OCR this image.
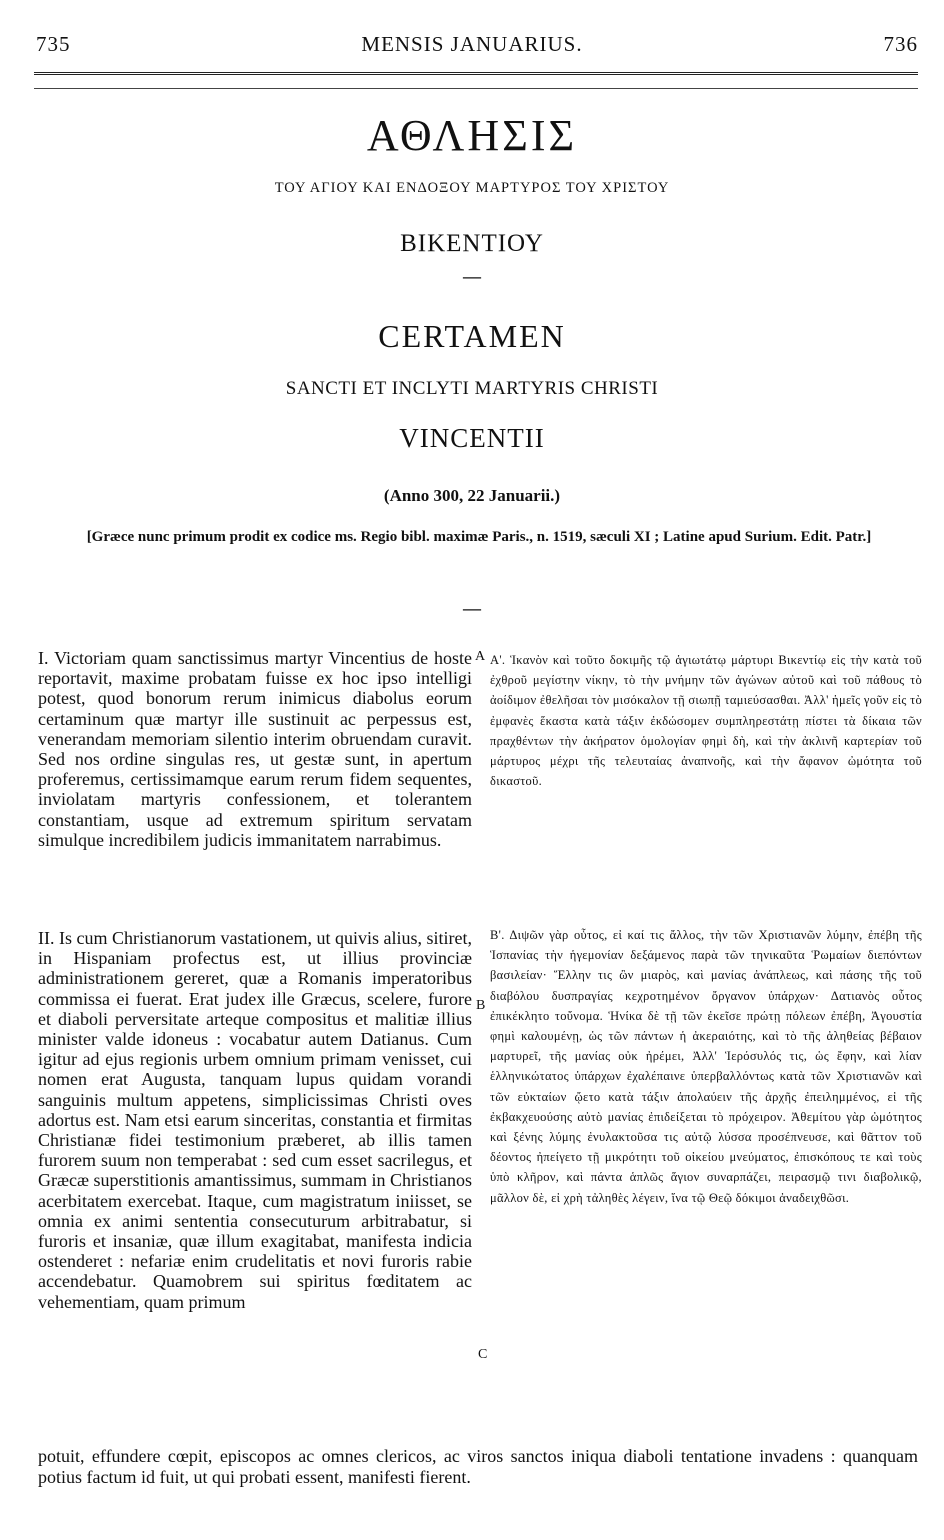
735	MENSIS JANUARIUS.	736
ΑΘΛΗΣΙΣ
ΤΟΥ ΑΓΙΟΥ ΚΑΙ ΕΝΔΟΞΟΥ ΜΑΡΤΥΡΟΣ ΤΟΥ ΧΡΙΣΤΟΥ
ΒΙΚΕΝΤΙΟΥ
—
CERTAMEN
SANCTI ET INCLYTI MARTYRIS CHRISTI
VINCENTII
(Anno 300, 22 Januarii.)
[Græce nunc primum prodit ex codice ms. Regio bibl. maximæ Paris., n. 1519, sæculi XI ; Latine apud Surium. Edit. Patr.]
—

I. Victoriam quam sanctissimus martyr Vincentius de hoste reportavit, maxime probatam fuisse ex hoc ipso intelligi potest, quod bonorum rerum inimicus diabolus eorum certaminum quæ martyr ille sustinuit ac perpessus est, venerandam memoriam silentio interim obruendam curavit. Sed nos ordine singulas res, ut gestæ sunt, in apertum proferemus, certissimamque earum rerum fidem sequentes, inviolatam martyris confessionem, et tolerantem constantiam, usque ad extremum spiritum servatam simulque incredibilem judicis immanitatem narrabimus.

II. Is cum Christianorum vastationem, ut quivis alius, sitiret, in Hispaniam profectus est, ut illius provinciæ administrationem gereret, quæ a Romanis imperatoribus commissa ei fuerat. Erat judex ille Græcus, scelere, furore et diaboli perversitate arteque compositus et malitiæ illius minister valde idoneus : vocabatur autem Datianus. Cum igitur ad ejus regionis urbem omnium primam venisset, cui nomen erat Augusta, tanquam lupus quidam vorandi sanguinis multum appetens, simplicissimas Christi oves adortus est. Nam etsi earum sinceritas, constantia et firmitas Christianæ fidei testimonium præberet, ab illis tamen furorem suum non temperabat : sed cum esset sacrilegus, et Græcæ superstitionis amantissimus, summam in Christianos acerbitatem exercebat. Itaque, cum magistratum iniisset, se omnia ex animi sententia consecuturum arbitrabatur, si furoris et insaniæ, quæ illum exagitabat, manifesta indicia ostenderet : nefariæ enim crudelitatis et novi furoris rabie accendebatur. Quamobrem sui spiritus fœditatem ac vehementiam, quam primum

A
B
C

Α'. Ἱκανὸν καὶ τοῦτο δοκιμῆς τῷ ἁγιωτάτῳ μάρτυρι Βικεντίῳ εἰς τὴν κατὰ τοῦ ἐχθροῦ μεγίστην νίκην, τὸ τὴν μνήμην τῶν ἀγώνων αὐτοῦ καὶ τοῦ πάθους τὸ ἀοίδιμον ἐθελῆσαι τὸν μισόκαλον τῇ σιωπῇ ταμιεύσασθαι. Ἀλλ' ἡμεῖς γοῦν εἰς τὸ ἐμφανὲς ἕκαστα κατὰ τάξιν ἐκδώσομεν συμπληρεστάτῃ πίστει τὰ δίκαια τῶν πραχθέντων τὴν ἀκήρατον ὁμολογίαν φημὶ δὴ, καὶ τὴν ἀκλινῆ καρτερίαν τοῦ μάρτυρος μέχρι τῆς τελευταίας ἀναπνοῆς, καὶ τὴν ἄφανον ὠμότητα τοῦ δικαστοῦ.

Β'. Διψῶν γὰρ οὗτος, εἰ καί τις ἄλλος, τὴν τῶν Χριστιανῶν λύμην, ἐπέβη τῆς Ἱσπανίας τὴν ἡγεμονίαν δεξάμενος παρὰ τῶν τηνικαῦτα Ῥωμαίων διεπόντων βασιλείαν· Ἕλλην τις ὢν μιαρὸς, καὶ μανίας ἀνάπλεως, καὶ πάσης τῆς τοῦ διαβόλου δυσπραγίας κεχροτημένον ὄργανον ὑπάρχων· Δατιανὸς οὗτος ἐπικέκλητο τοὔνομα. Ἡνίκα δὲ τῇ τῶν ἐκεῖσε πρώτῃ πόλεων ἐπέβη, Ἀγουστία φημὶ καλουμένῃ, ὡς τῶν πάντων ἡ ἀκεραιότης, καὶ τὸ τῆς ἀληθείας βέβαιον μαρτυρεῖ, τῆς μανίας οὐκ ἠρέμει, Ἀλλ' Ἱερόσυλός τις, ὡς ἔφην, καὶ λίαν ἑλληνικώτατος ὑπάρχων ἐχαλέπαινε ὑπερβαλλόντως κατὰ τῶν Χριστιανῶν καὶ τῶν εὐκταίων ᾤετο κατὰ τάξιν ἀπολαύειν τῆς ἀρχῆς ἐπειλημμένος, εἰ τῆς ἐκβακχευούσης αὐτὸ μανίας ἐπιδείξεται τὸ πρόχειρον. Ἀθεμίτου γὰρ ὠμότητος καὶ ξένης λύμης ἐνυλακτοῦσα τις αὐτῷ λύσσα προσέπνευσε, καὶ θᾶττον τοῦ δέοντος ἠπείγετο τῇ μικρότητι τοῦ οἰκείου μνεύματος, ἐπισκόπους τε καὶ τοὺς ὑπὸ κλῆρον, καὶ πάντα ἁπλῶς ἅγιον συναρπάζει, πειρασμῷ τινι διαβολικῷ, μᾶλλον δὲ, εἰ χρὴ τἀληθὲς λέγειν, ἵνα τῷ Θεῷ δόκιμοι ἀναδειχθῶσι.

potuit, effundere cœpit, episcopos ac omnes clericos, ac viros sanctos iniqua diaboli tentatione invadens : quanquam potius factum id fuit, ut qui probati essent, manifesti fierent.
